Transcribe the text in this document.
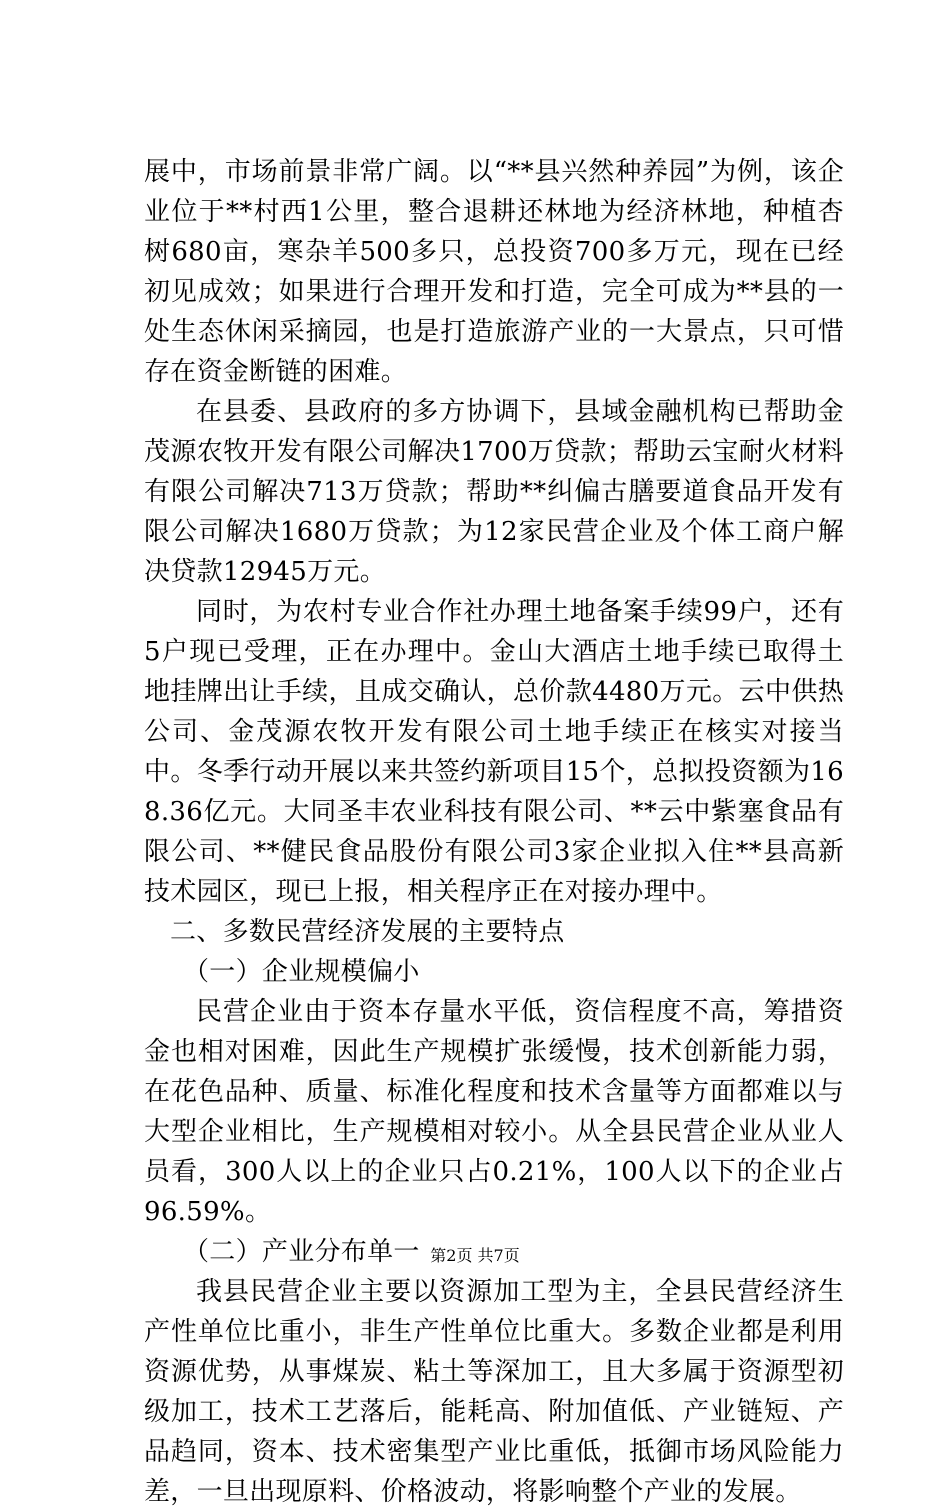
展中，市场前景非常广阔。以“**县兴然种养园”为例，该企业位于**村西1公里，整合退耕还林地为经济林地，种植杏树680亩，寒杂羊500多只，总投资700多万元，现在已经初见成效；如果进行合理开发和打造，完全可成为**县的一处生态休闲采摘园，也是打造旅游产业的一大景点，只可惜存在资金断链的困难。

在县委、县政府的多方协调下，县域金融机构已帮助金茂源农牧开发有限公司解决1700万贷款；帮助云宝耐火材料有限公司解决713万贷款；帮助**纠偏古膳要道食品开发有限公司解决1680万贷款；为12家民营企业及个体工商户解决贷款12945万元。

同时，为农村专业合作社办理土地备案手续99户，还有5户现已受理，正在办理中。金山大酒店土地手续已取得土地挂牌出让手续，且成交确认，总价款4480万元。云中供热公司、金茂源农牧开发有限公司土地手续正在核实对接当中。冬季行动开展以来共签约新项目15个，总拟投资额为168.36亿元。大同圣丰农业科技有限公司、**云中紫塞食品有限公司、**健民食品股份有限公司3家企业拟入住**县高新技术园区，现已上报，相关程序正在对接办理中。

二、多数民营经济发展的主要特点

（一）企业规模偏小

民营企业由于资本存量水平低，资信程度不高，筹措资金也相对困难，因此生产规模扩张缓慢，技术创新能力弱，在花色品种、质量、标准化程度和技术含量等方面都难以与大型企业相比，生产规模相对较小。从全县民营企业从业人员看，300人以上的企业只占0.21%，100人以下的企业占96.59%。

（二）产业分布单一

我县民营企业主要以资源加工型为主，全县民营经济生产性单位比重小，非生产性单位比重大。多数企业都是利用资源优势，从事煤炭、粘土等深加工，且大多属于资源型初级加工，技术工艺落后，能耗高、附加值低、产业链短、产品趋同，资本、技术密集型产业比重低，抵御市场风险能力差，一旦出现原料、价格波动，将影响整个产业的发展。

第2页 共7页
